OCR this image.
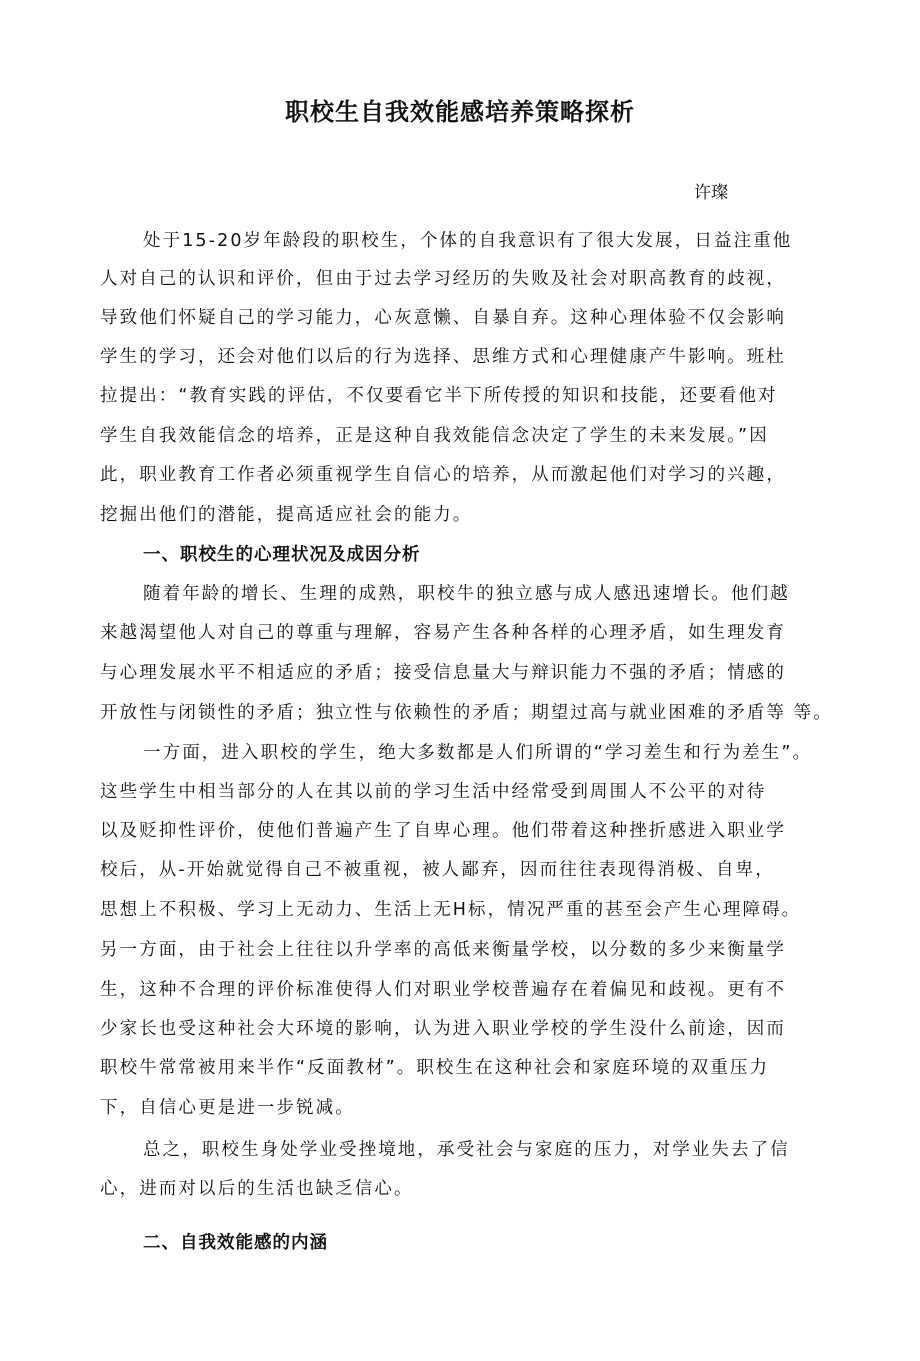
职校生自我效能感培养策略探析
许璨
处于15-20岁年龄段的职校生，个体的自我意识有了很大发展，日益注重他
人对自己的认识和评价，但由于过去学习经历的失败及社会对职高教育的歧视，
导致他们怀疑自己的学习能力，心灰意懒、自暴自弃。这种心理体验不仅会影响
学生的学习，还会对他们以后的行为选择、思维方式和心理健康产牛影响。班杜
拉提出：“教育实践的评估，不仅要看它半下所传授的知识和技能，还要看他对
学生自我效能信念的培养，正是这种自我效能信念决定了学生的未来发展。”因
此，职业教育工作者必须重视学生自信心的培养，从而激起他们对学习的兴趣，
挖掘出他们的潜能，提高适应社会的能力。
一、职校生的心理状况及成因分析
随着年龄的增长、生理的成熟，职校牛的独立感与成人感迅速增长。他们越
来越渴望他人对自己的尊重与理解，容易产生各种各样的心理矛盾，如生理发育
与心理发展水平不相适应的矛盾；接受信息量大与辩识能力不强的矛盾；情感的
开放性与闭锁性的矛盾；独立性与依赖性的矛盾；期望过高与就业困难的矛盾等 等。
一方面，进入职校的学生，绝大多数都是人们所谓的“学习差生和行为差生”。
这些学生中相当部分的人在其以前的学习生活中经常受到周围人不公平的对待
以及贬抑性评价，使他们普遍产生了自卑心理。他们带着这种挫折感进入职业学
校后，从-开始就觉得自己不被重视，被人鄙弃，因而往往表现得消极、自卑，
思想上不积极、学习上无动力、生活上无H标，情况严重的甚至会产生心理障碍。
另一方面，由于社会上往往以升学率的高低来衡量学校，以分数的多少来衡量学
生，这种不合理的评价标准使得人们对职业学校普遍存在着偏见和歧视。更有不
少家长也受这种社会大环境的影响，认为进入职业学校的学生没什么前途，因而
职校牛常常被用来半作“反面教材”。职校生在这种社会和家庭环境的双重压力
下，自信心更是进一步锐减。
总之，职校生身处学业受挫境地，承受社会与家庭的压力，对学业失去了信
心，进而对以后的生活也缺乏信心。
二、自我效能感的内涵
